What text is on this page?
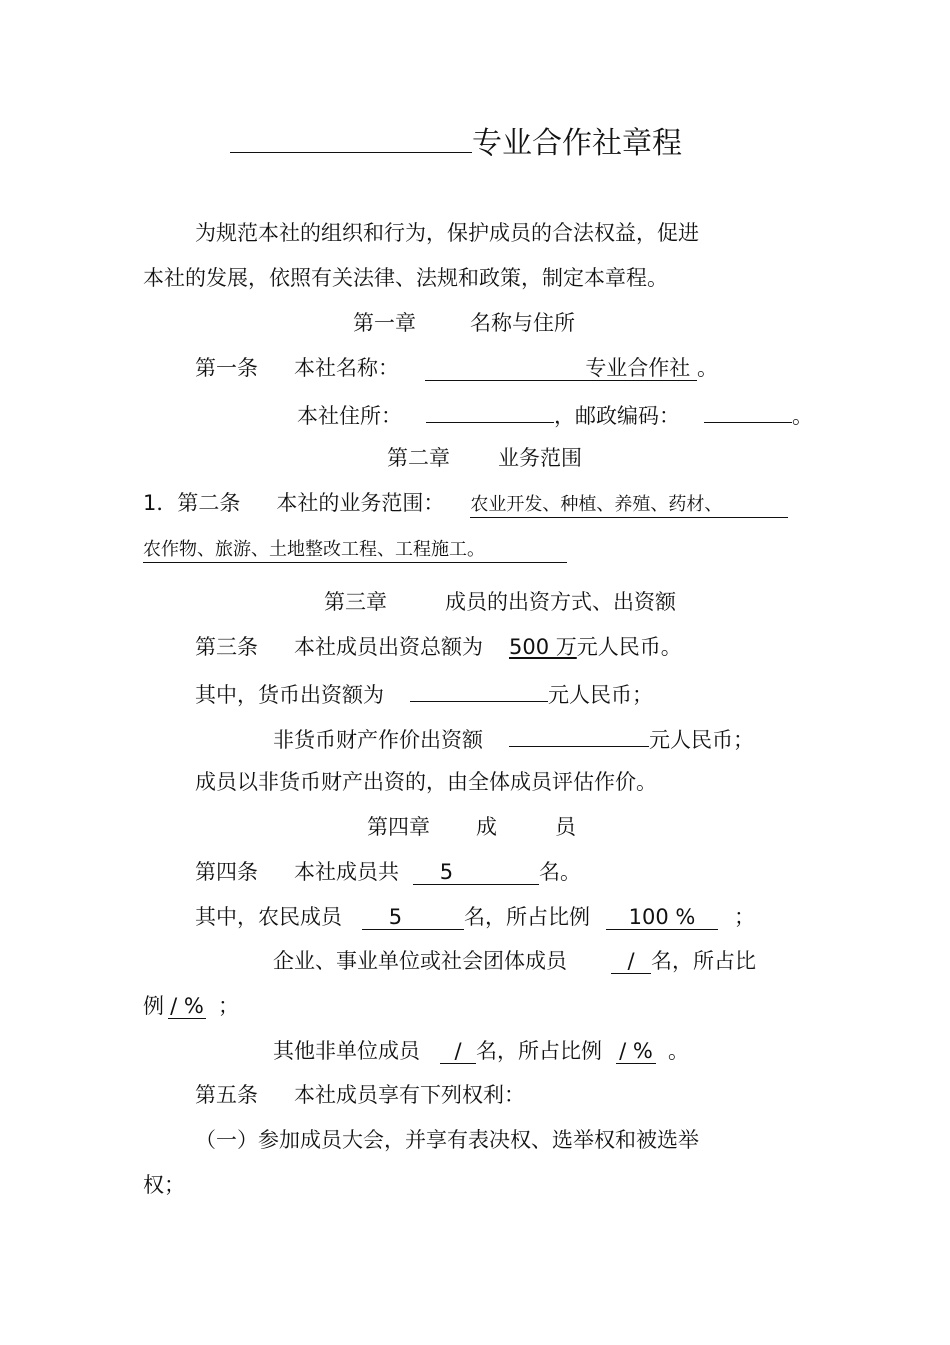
专业合作社章程
为规范本社的组织和行为，保护成员的合法权益，促进
本社的发展，依照有关法律、法规和政策，制定本章程。
第一章	名称与住所
第一条 本社名称：	专业合作社 。
本社住所：	，邮政编码：	。
第二章 业务范围
1．第二条 本社的业务范围： 农业开发、种植、养殖、药材、
农作物、旅游、土地整改工程、工程施工。
第三章	成员的出资方式、出资额
第三条 本社成员出资总额为 500 万元人民币。
其中，货币出资额为	元人民币；
非货币财产作价出资额	元人民币；
成员以非货币财产出资的，由全体成员评估作价。
第四章 成	员
第四条 本社成员共 5	名。
其中，农民成员 5	名，所占比例 100 % ；
企业、事业单位或社会团体成员	/ 名，所占比
例 / % ；
其他非单位成员 / 名，所占比例 / % 。
第五条 本社成员享有下列权利：
（一）参加成员大会，并享有表决权、选举权和被选举
权；
